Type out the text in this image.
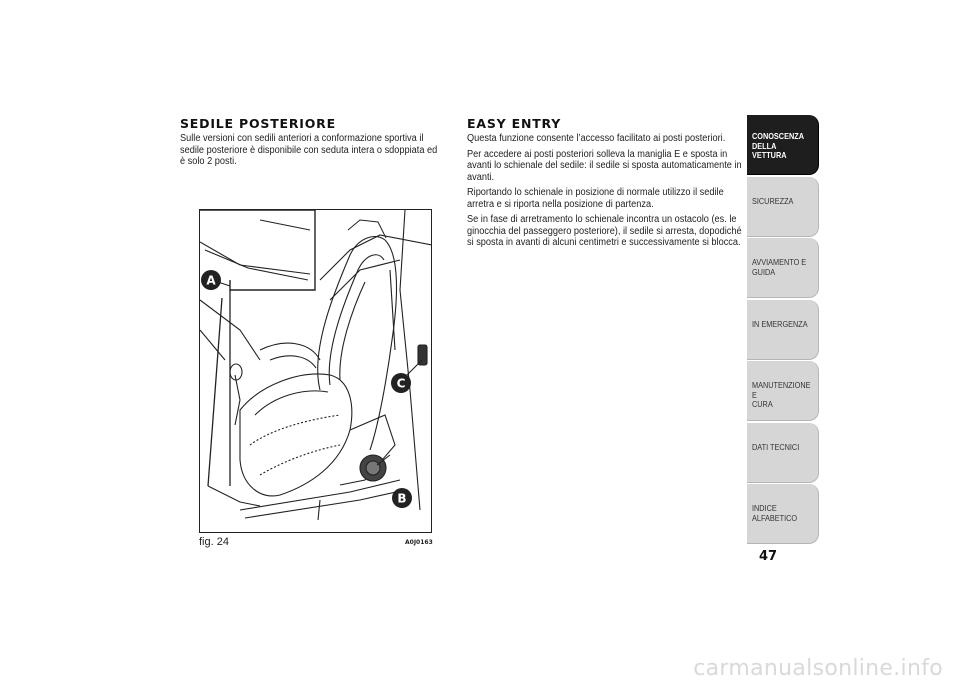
SEDILE POSTERIORE

Sulle versioni con sedili anteriori a conformazione sportiva il sedile posteriore è disponibile con seduta intera o sdoppiata ed è solo 2 posti.

A
B
C
fig. 24	A0J0163
EASY ENTRY

Questa funzione consente l’accesso facilitato ai posti posteriori.

Per accedere ai posti posteriori solleva la maniglia E e sposta in avanti lo schienale del sedile: il sedile si sposta automaticamente in avanti.

Riportando lo schienale in posizione di normale utilizzo il sedile arretra e si riporta nella posizione di partenza.

Se in fase di arretramento lo schienale incontra un ostacolo (es. le ginocchia del passeggero posteriore), il sedile si arresta, dopodiché si sposta in avanti di alcuni centimetri e successivamente si blocca.

CONOSCENZA
DELLA VETTURA
SICUREZZA
AVVIAMENTO E
GUIDA
IN EMERGENZA
MANUTENZIONE E
CURA
DATI TECNICI
INDICE ALFABETICO
47
carmanualsonline.info
